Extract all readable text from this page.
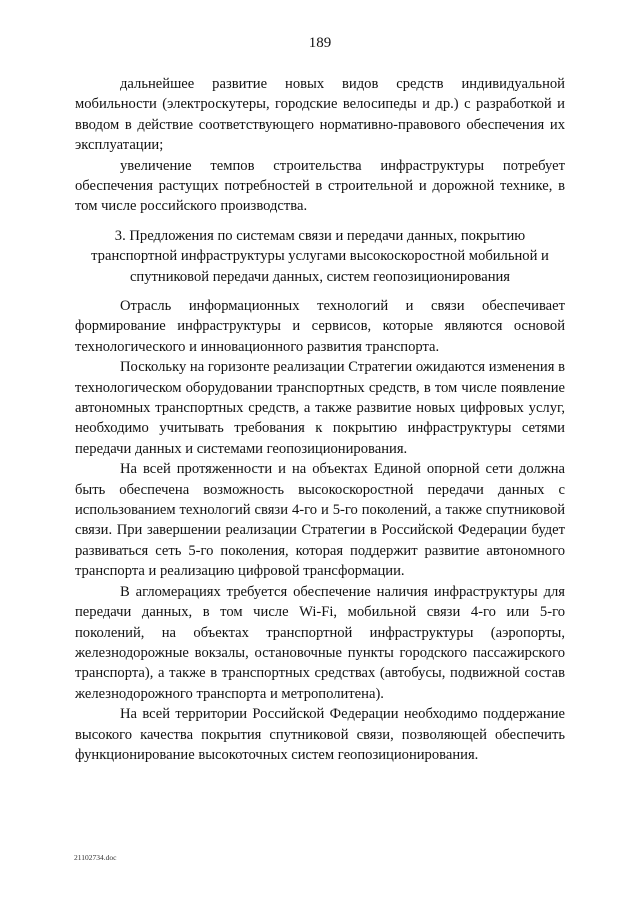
189

дальнейшее развитие новых видов средств индивидуальной мобильности (электроскутеры, городские велосипеды и др.) с разработкой и вводом в действие соответствующего нормативно-правового обеспечения их эксплуатации;

увеличение темпов строительства инфраструктуры потребует обеспечения растущих потребностей в строительной и дорожной технике, в том числе российского производства.

3. Предложения по системам связи и передачи данных, покрытию транспортной инфраструктуры услугами высокоскоростной мобильной и спутниковой передачи данных, систем геопозиционирования

Отрасль информационных технологий и связи обеспечивает формирование инфраструктуры и сервисов, которые являются основой технологического и инновационного развития транспорта.

Поскольку на горизонте реализации Стратегии ожидаются изменения в технологическом оборудовании транспортных средств, в том числе появление автономных транспортных средств, а также развитие новых цифровых услуг, необходимо учитывать требования к покрытию инфраструктуры сетями передачи данных и системами геопозиционирования.

На всей протяженности и на объектах Единой опорной сети должна быть обеспечена возможность высокоскоростной передачи данных с использованием технологий связи 4-го и 5-го поколений, а также спутниковой связи. При завершении реализации Стратегии в Российской Федерации будет развиваться сеть 5-го поколения, которая поддержит развитие автономного транспорта и реализацию цифровой трансформации.

В агломерациях требуется обеспечение наличия инфраструктуры для передачи данных, в том числе Wi-Fi, мобильной связи 4-го или 5-го поколений, на объектах транспортной инфраструктуры (аэропорты, железнодорожные вокзалы, остановочные пункты городского пассажирского транспорта), а также в транспортных средствах (автобусы, подвижной состав железнодорожного транспорта и метрополитена).

На всей территории Российской Федерации необходимо поддержание высокого качества покрытия спутниковой связи, позволяющей обеспечить функционирование высокоточных систем геопозиционирования.

21102734.doc
